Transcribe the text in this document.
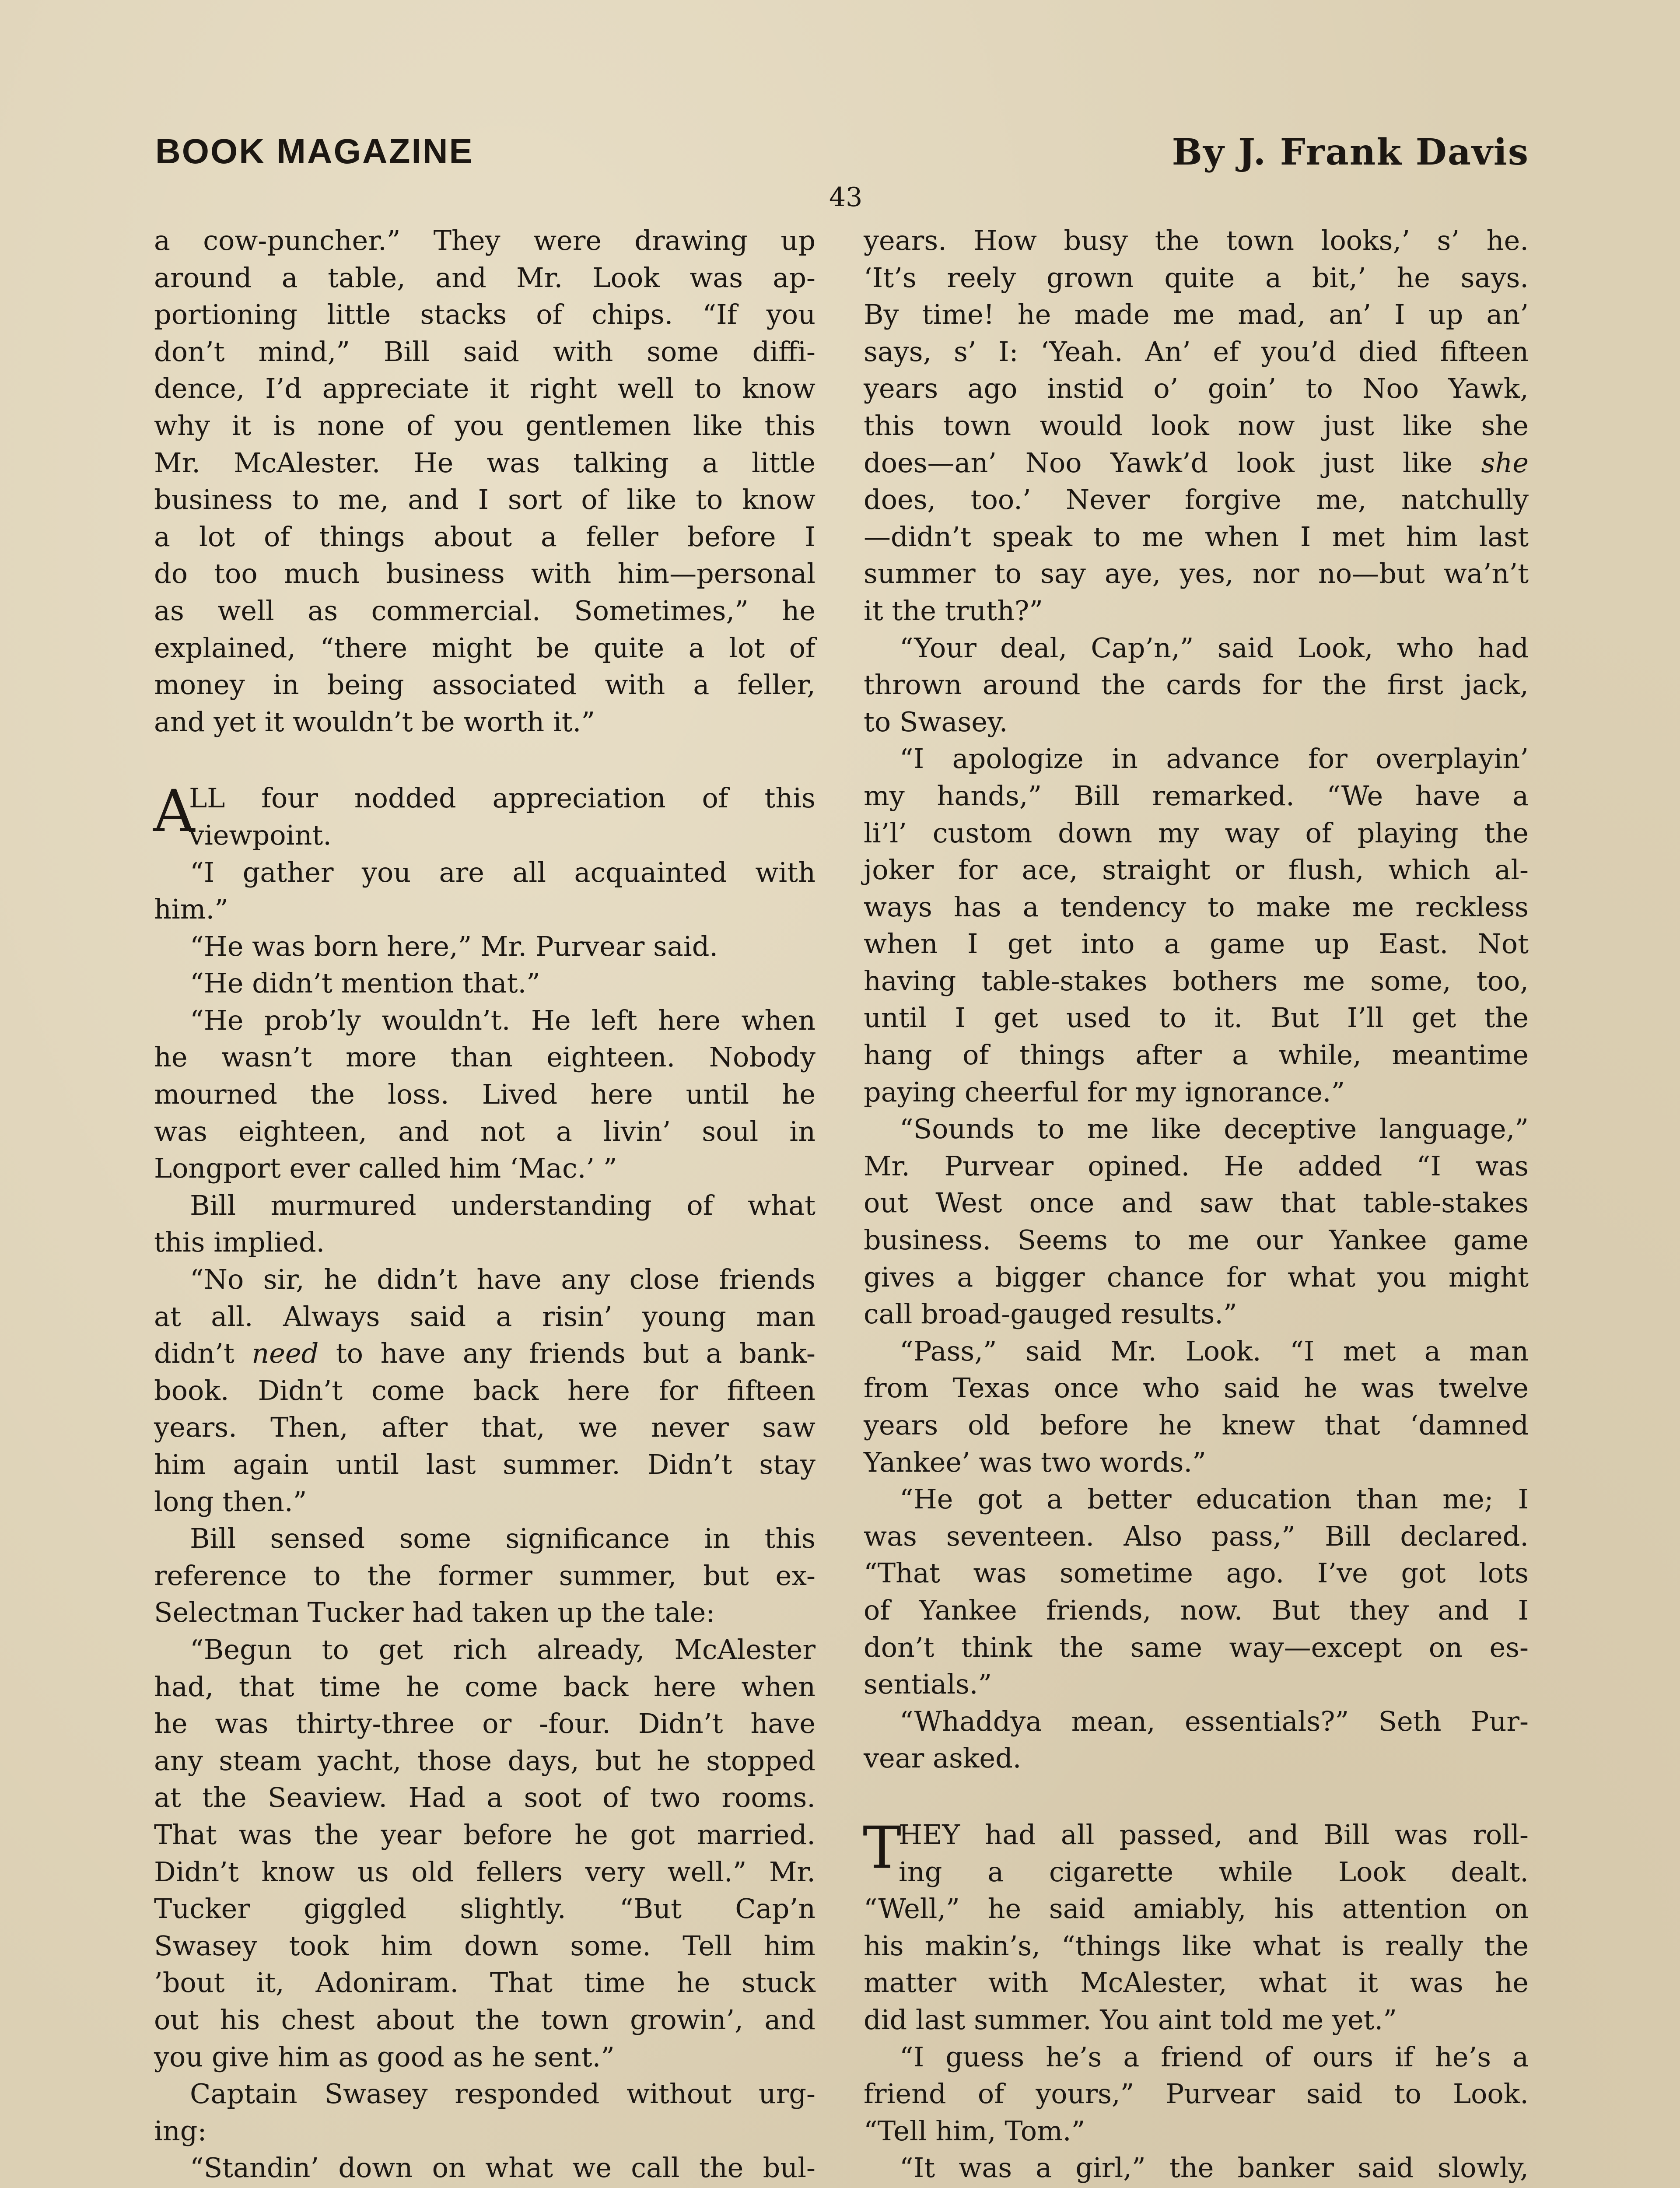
BOOK MAGAZINE	By J. Frank Davis
43
a cow-puncher.” They were drawing up
around a table, and Mr. Look was ap-
portioning little stacks of chips. “If you
don’t mind,” Bill said with some diffi-
dence, I’d appreciate it right well to know
why it is none of you gentlemen like this
Mr. McAlester. He was talking a little
business to me, and I sort of like to know
a lot of things about a feller before I
do too much business with him—personal
as well as commercial. Sometimes,” he
explained, “there might be quite a lot of
money in being associated with a feller,
and yet it wouldn’t be worth it.”
A
LL four nodded appreciation of this
viewpoint.
“I gather you are all acquainted with
him.”
“He was born here,” Mr. Purvear said.
“He didn’t mention that.”
“He prob’ly wouldn’t. He left here when
he wasn’t more than eighteen. Nobody
mourned the loss. Lived here until he
was eighteen, and not a livin’ soul in
Longport ever called him ‘Mac.’ ”
Bill murmured understanding of what
this implied.
“No sir, he didn’t have any close friends
at all. Always said a risin’ young man
didn’t need to have any friends but a bank-
book. Didn’t come back here for fifteen
years. Then, after that, we never saw
him again until last summer. Didn’t stay
long then.”
Bill sensed some significance in this
reference to the former summer, but ex-
Selectman Tucker had taken up the tale:
“Begun to get rich already, McAlester
had, that time he come back here when
he was thirty-three or -four. Didn’t have
any steam yacht, those days, but he stopped
at the Seaview. Had a soot of two rooms.
That was the year before he got married.
Didn’t know us old fellers very well.” Mr.
Tucker giggled slightly. “But Cap’n
Swasey took him down some. Tell him
’bout it, Adoniram. That time he stuck
out his chest about the town growin’, and
you give him as good as he sent.”
Captain Swasey responded without urg-
ing:
“Standin’ down on what we call the bul-
years. How busy the town looks,’ s’ he.
‘It’s reely grown quite a bit,’ he says.
By time! he made me mad, an’ I up an’
says, s’ I: ‘Yeah. An’ ef you’d died fifteen
years ago instid o’ goin’ to Noo Yawk,
this town would look now just like she
does—an’ Noo Yawk’d look just like she
does, too.’ Never forgive me, natchully
—didn’t speak to me when I met him last
summer to say aye, yes, nor no—but wa’n’t
it the truth?”
“Your deal, Cap’n,” said Look, who had
thrown around the cards for the first jack,
to Swasey.
“I apologize in advance for overplayin’
my hands,” Bill remarked. “We have a
li’l’ custom down my way of playing the
joker for ace, straight or flush, which al-
ways has a tendency to make me reckless
when I get into a game up East. Not
having table-stakes bothers me some, too,
until I get used to it. But I’ll get the
hang of things after a while, meantime
paying cheerful for my ignorance.”
“Sounds to me like deceptive language,”
Mr. Purvear opined. He added “I was
out West once and saw that table-stakes
business. Seems to me our Yankee game
gives a bigger chance for what you might
call broad-gauged results.”
“Pass,” said Mr. Look. “I met a man
from Texas once who said he was twelve
years old before he knew that ‘damned
Yankee’ was two words.”
“He got a better education than me; I
was seventeen. Also pass,” Bill declared.
“That was sometime ago. I’ve got lots
of Yankee friends, now. But they and I
don’t think the same way—except on es-
sentials.”
“Whaddya mean, essentials?” Seth Pur-
vear asked.
T
HEY had all passed, and Bill was roll-
ing a cigarette while Look dealt.
“Well,” he said amiably, his attention on
his makin’s, “things like what is really the
matter with McAlester, what it was he
did last summer. You aint told me yet.”
“I guess he’s a friend of ours if he’s a
friend of yours,” Purvear said to Look.
“Tell him, Tom.”
“It was a girl,” the banker said slowly,
